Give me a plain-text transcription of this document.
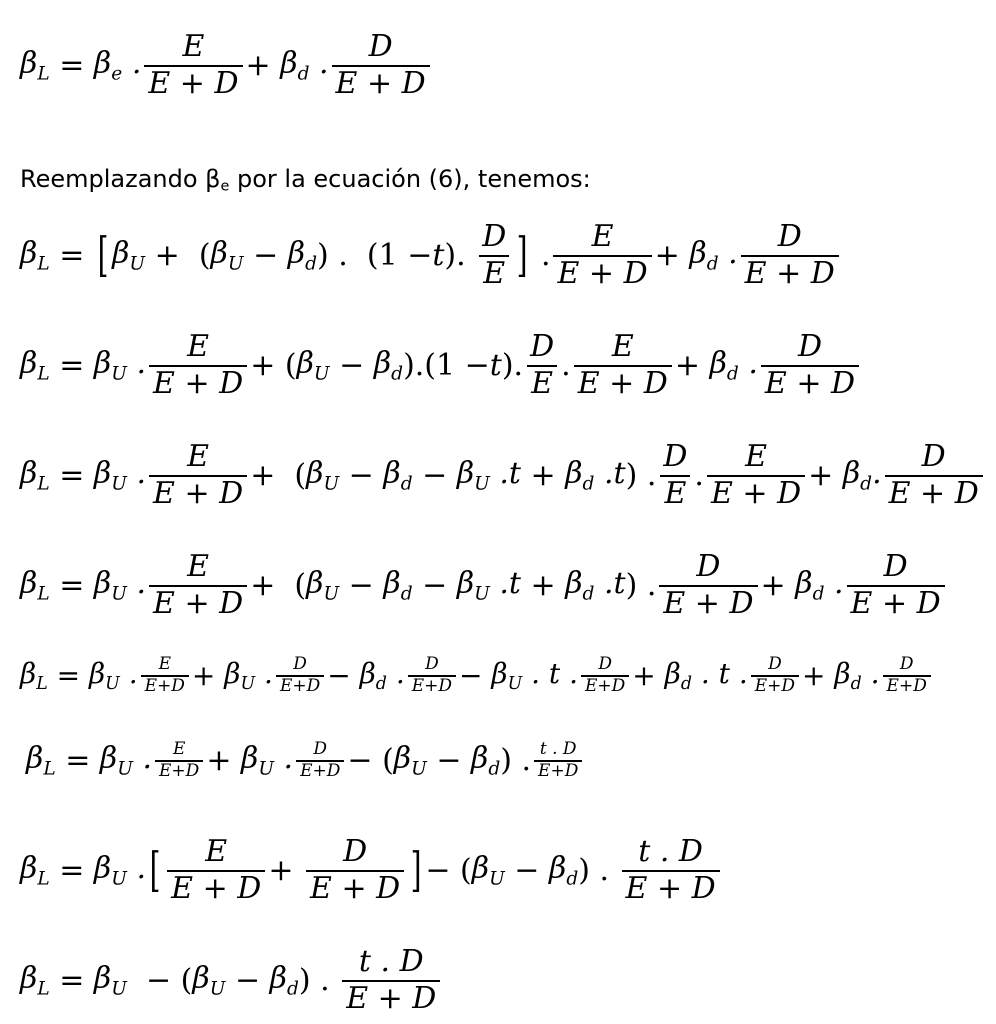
$\beta_L = \beta_e$ . $\frac{E}{E + D} + \beta_d$ . $\frac{D}{E + D}$
Reemplazando $\beta_e$ por la ecuación (6), tenemos:
$\beta_L$ = [ $\beta_U$ +  ( $\beta_U - \beta_d$ ) .  (1 − t ). $\frac{D}{E}$ ] . $\frac{E}{E + D} + \beta_d$ . $\frac{D}{E + D}$
$\beta_L = \beta_U$ . $\frac{E}{E + D}$ + ( $\beta_U - \beta_d$ ).(1 − t ). $\frac{D}{E}$ . $\frac{E}{E + D} + \beta_d$ . $\frac{D}{E + D}$
$\beta_L = \beta_U$ . $\frac{E}{E + D}$ +  ( $\beta_U - \beta_d - \beta_U$ $.t + \beta_d$ .t ) . $\frac{D}{E}$ . $\frac{E}{E + D} + \beta_d$. $\frac{D}{E + D}$
$\beta_L = \beta_U$ . $\frac{E}{E + D}$ +  ( $\beta_U - \beta_d - \beta_U$ $.t + \beta_d$ .t ) . $\frac{D}{E + D} + \beta_d$ . $\frac{D}{E + D}$
$\beta_L = \beta_U$ . $\frac{E}{E+D} + \beta_U$ . $\frac{D}{E+D} - \beta_d$ . $\frac{D}{E+D} - \beta_U$ . t . $\frac{D}{E+D} + \beta_d$ . t . $\frac{D}{E+D} + \beta_d$ . $\frac{D}{E+D}$
$\beta_L = \beta_U$ . $\frac{E}{E+D} + \beta_U$ . $\frac{D}{E+D}$ − ( $\beta_U - \beta_d$ ) . $\frac{t . D}{E+D}$
$\beta_L = \beta_U$ . [ $\frac{E}{E + D} + \frac{D}{E + D}$ ] − ( $\beta_U - \beta_d$ ) . $\frac{t . D}{E + D}$
$\beta_L = \beta_U$ − ( $\beta_U - \beta_d$ ) . $\frac{t . D}{E + D}$
